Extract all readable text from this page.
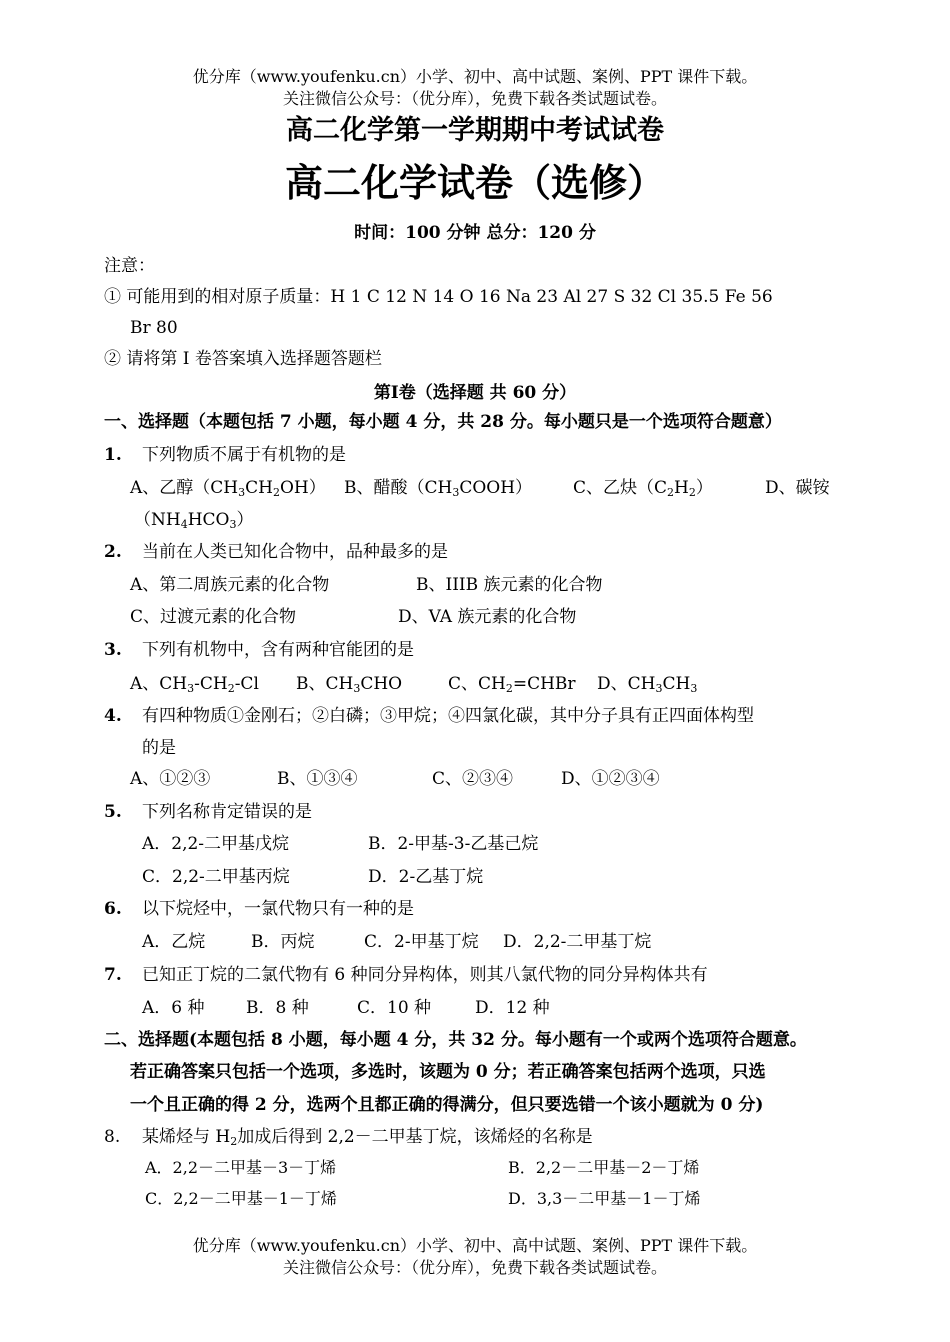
优分库（www.youfenku.cn）小学、初中、高中试题、案例、PPT 课件下载。
关注微信公众号：（优分库），免费下载各类试题试卷。
高二化学第一学期期中考试试卷
高二化学试卷（选修）
时间：100 分钟 总分：120 分
注意：
① 可能用到的相对原子质量：H 1 C 12 N 14 O 16 Na 23 Al 27 S 32 Cl 35.5 Fe 56
Br 80
② 请将第 I 卷答案填入选择题答题栏
第Ⅰ卷（选择题 共 60 分）
一、选择题（本题包括 7 小题，每小题 4 分，共 28 分。每小题只是一个选项符合题意）
1. 下列物质不属于有机物的是
A、乙醇$(CH_3CH_2OH)$ B、醋酸$(CH_3COOH)$ C、乙炔$(C_2H_2)$	D、碳铵
$(NH_4HCO_3)$
2. 当前在人类已知化合物中，品种最多的是
A、第二周族元素的化合物	B、IIIB 族元素的化合物
C、过渡元素的化合物	D、VA 族元素的化合物
3. 下列有机物中，含有两种官能团的是
A、$CH_3-CH_2-Cl$ B、$CH_3CHO$	C、$CH_2=CHBr$ D、$CH_3CH_3$
4. 有四种物质①金刚石；②白磷；③甲烷；④四氯化碳，其中分子具有正四面体构型
的是
A、①②③	B、①③④	C、②③④	D、①②③④
5. 下列名称肯定错误的是
A．2,2-二甲基戊烷	B．2-甲基-3-乙基己烷
C．2,2-二甲基丙烷	D．2-乙基丁烷
6. 以下烷烃中，一氯代物只有一种的是
A．乙烷	B．丙烷	C．2-甲基丁烷 D．2,2-二甲基丁烷
7. 已知正丁烷的二氯代物有 6 种同分异构体，则其八氯代物的同分异构体共有
A．6 种 B．8 种	C．10 种	D．12 种
二、选择题(本题包括 8 小题，每小题 4 分，共 32 分。每小题有一个或两个选项符合题意。
若正确答案只包括一个选项，多选时，该题为 0 分；若正确答案包括两个选项，只选
一个且正确的得 2 分，选两个且都正确的得满分，但只要选错一个该小题就为 0 分)
8. 某烯烃与 $H_2$加成后得到 2,2－二甲基丁烷，该烯烃的名称是
A．2,2－二甲基－3－丁烯	B．2,2－二甲基－2－丁烯
C．2,2－二甲基－1－丁烯	D．3,3－二甲基－1－丁烯
优分库（www.youfenku.cn）小学、初中、高中试题、案例、PPT 课件下载。
关注微信公众号：（优分库），免费下载各类试题试卷。
